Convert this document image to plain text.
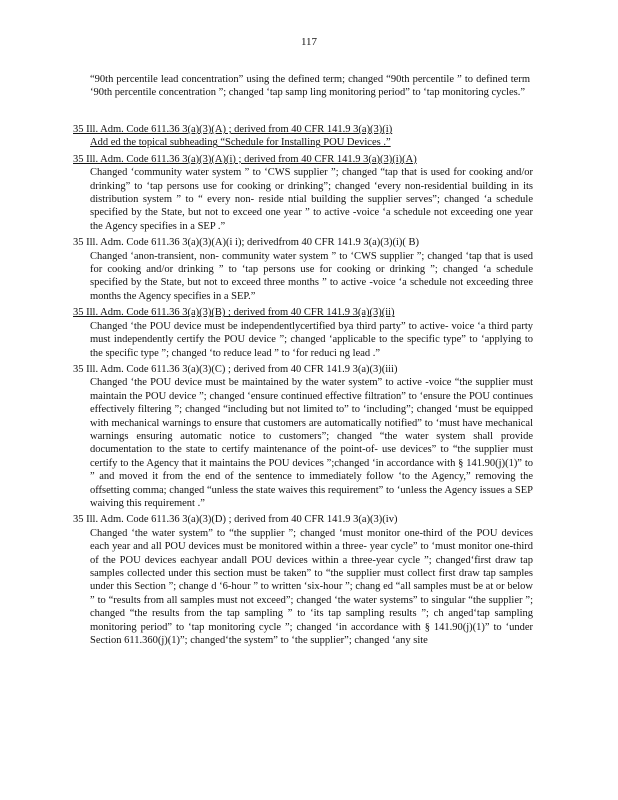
117
“90th percentile lead concentration” using the defined term; changed “90th percentile ” to defined term ‘90th percentile concentration ”; changed ‘tap samp ling monitoring period” to ‘tap monitoring cycles.”
35 Ill. Adm. Code 611.36 3(a)(3)(A) ; derived from 40 CFR 141.9 3(a)(3)(i)
Add ed the topical subheading “Schedule for Installing POU Devices .”
35 Ill. Adm. Code 611.36 3(a)(3)(A)(i) ; derived from 40 CFR 141.9 3(a)(3)(i)(A)
Changed ‘community water system ” to ‘CWS supplier ”; changed “tap that is used for cooking and/or drinking” to ‘tap persons use for cooking or drinking”; changed ‘every non-residential building in its distribution system ” to “ every non- reside ntial building the supplier serves”; changed ‘a schedule specified by the State, but not to exceed one year ” to active -voice ‘a schedule not exceeding one year the Agency specifies in a SEP .”
35 Ill. Adm. Code 611.36 3(a)(3)(A)(i i); derivedfrom 40 CFR 141.9 3(a)(3)(i)( B)
Changed ‘anon-transient, non- community water system ” to ‘CWS supplier ”; changed ‘tap that is used for cooking and/or drinking ” to ‘tap persons use for cooking or drinking ”; changed ‘a schedule specified by the State, but not to exceed three months ” to active -voice ‘a schedule not exceeding three months the Agency specifies in a SEP.”
35 Ill. Adm. Code 611.36 3(a)(3)(B) ; derived from 40 CFR 141.9 3(a)(3)(ii)
Changed ‘the POU device must be independentlycertified bya third party” to active- voice ‘a third party must independently certify the POU device ”; changed ‘applicable to the specific type” to ‘applying to the specific type ”; changed ‘to reduce lead ” to ‘for reduci ng lead .”
35 Ill. Adm. Code 611.36 3(a)(3)(C) ; derived from 40 CFR 141.9 3(a)(3)(iii)
Changed ‘the POU device must be maintained by the water system” to active -voice “the supplier must maintain the POU device ”; changed ‘ensure continued effective filtration” to ‘ensure the POU continues effectively filtering ”; changed “including but not limited to” to ‘including”; changed ‘must be equipped with mechanical warnings to ensure that customers are automatically notified” to ‘must have mechanical warnings ensuring automatic notice to customers”; changed “the water system shall provide documentation to the state to certify maintenance of the point-of- use devices” to “the supplier must certify to the Agency that it maintains the POU devices ”;changed ‘in accordance with § 141.90(j)(1)” to ” and moved it from the end of the sentence to immediately follow ‘to the Agency,” removing the offsetting comma; changed “unless the state waives this requirement” to ‘unless the Agency issues a SEP waiving this requirement .”
35 Ill. Adm. Code 611.36 3(a)(3)(D) ; derived from 40 CFR 141.9 3(a)(3)(iv)
Changed ‘the water system” to “the supplier ”; changed ‘must monitor one-third of the POU devices each year and all POU devices must be monitored within a three- year cycle” to ‘must monitor one-third of the POU devices eachyear andall POU devices within a three-year cycle ”; changed‘first draw tap samples collected under this section must be taken” to “the supplier must collect first draw tap samples under this Section ”; change d ‘6-hour ” to written ‘six-hour ”; chang ed “all samples must be at or below ” to “results from all samples must not exceed”; changed ‘the water systems” to singular “the supplier ”; changed “the results from the tap sampling ” to ‘its tap sampling results ”; ch anged‘tap sampling monitoring period” to ‘tap monitoring cycle ”; changed ‘in accordance with § 141.90(j)(1)” to ‘under Section 611.360(j)(1)”; changed‘the system” to ‘the supplier”; changed ‘any site
